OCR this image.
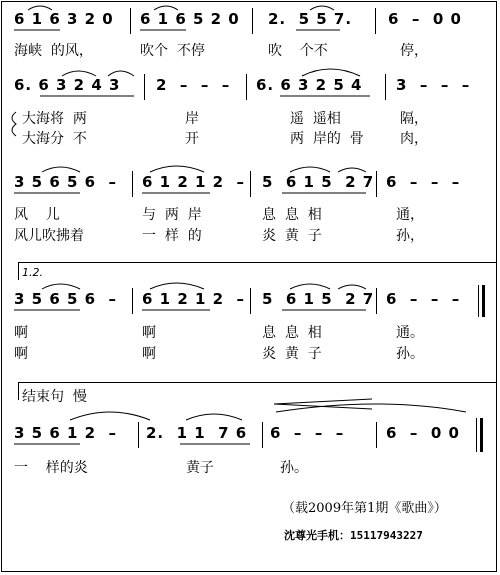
6 1 6 3 2 0 6 1 6 5 2 0 2.  5 5 7. 6  –  0 0
海峡  的风，	吹个  不停	吹    个不	停，
6. 6 3 2 4 3 2  –  –  – 6. 6 3 2 5 4 3  –  –  –
大海将  两	岸	遥  遥相	隔，
大海分  不	开	两  岸的  骨	肉，
3 5 6 5 6  – 6 1 2 1 2  – 5  6 1 5  2 7 6  –  –  –
风    儿	与  两  岸	息  息  相	通，
风儿吹拂着	一  样  的	炎  黄  子	孙，
1.2.
3 5 6 5 6  – 6 1 2 1 2  – 5  6 1 5  2 7 6  –  –  –
啊	啊	息  息  相	通。
啊	啊	炎  黄  子	孙。
结束句  慢
3 5 6 1 2  – 2.  1 1  7 6 6  –  –  –	6  –  0 0
一    样的炎	黄子	孙。
（载2009年第1期《歌曲》）
沈尊光手机：15117943227
